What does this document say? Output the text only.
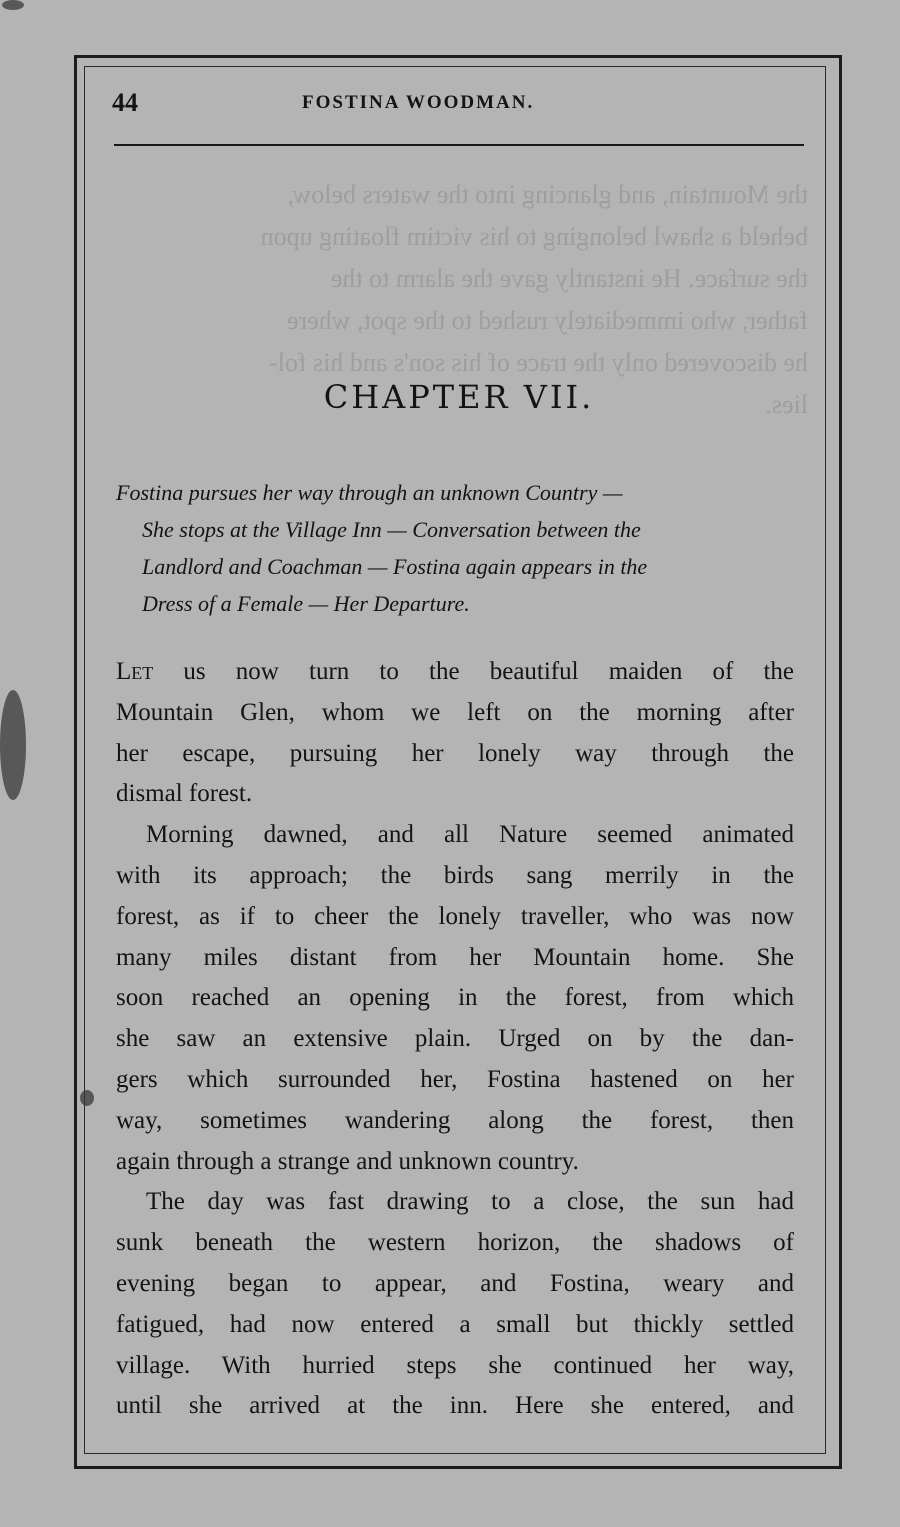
44	FOSTINA WOODMAN.
the Mountain, and glancing into the waters below,
beheld a shawl belonging to his victim floating upon
the surface. He instantly gave the alarm to the
father, who immediately rushed to the spot, where
he discovered only the trace of his son's and his fol-
lies.
CHAPTER VII.
Fostina pursues her way through an unknown Country —
She stops at the Village Inn — Conversation between the
Landlord and Coachman — Fostina again appears in the
Dress of a Female — Her Departure.
Let us now turn to the beautiful maiden of the
Mountain Glen, whom we left on the morning after
her escape, pursuing her lonely way through the
dismal forest.
Morning dawned, and all Nature seemed animated
with its approach; the birds sang merrily in the
forest, as if to cheer the lonely traveller, who was now
many miles distant from her Mountain home. She
soon reached an opening in the forest, from which
she saw an extensive plain. Urged on by the dan-
gers which surrounded her, Fostina hastened on her
way, sometimes wandering along the forest, then
again through a strange and unknown country.
The day was fast drawing to a close, the sun had
sunk beneath the western horizon, the shadows of
evening began to appear, and Fostina, weary and
fatigued, had now entered a small but thickly settled
village. With hurried steps she continued her way,
until she arrived at the inn. Here she entered, and
